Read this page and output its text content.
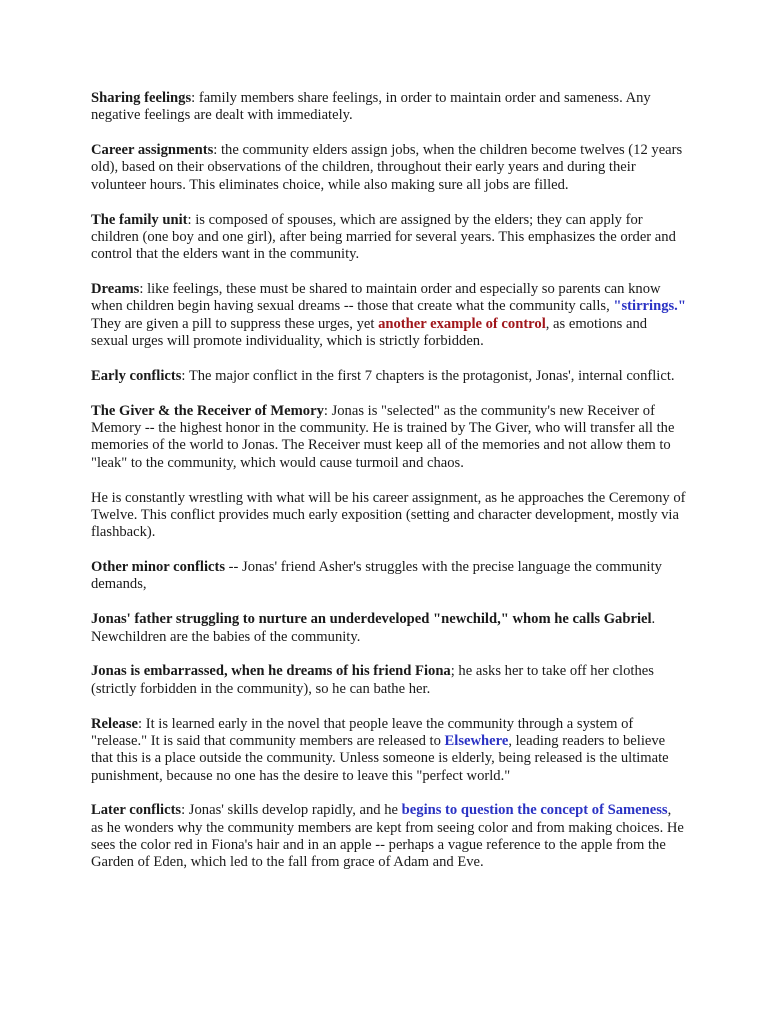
Sharing feelings: family members share feelings, in order to maintain order and sameness. Any negative feelings are dealt with immediately.

Career assignments: the community elders assign jobs, when the children become twelves (12 years old), based on their observations of the children, throughout their early years and during their volunteer hours. This eliminates choice, while also making sure all jobs are filled.

The family unit: is composed of spouses, which are assigned by the elders; they can apply for children (one boy and one girl), after being married for several years. This emphasizes the order and control that the elders want in the community.

Dreams: like feelings, these must be shared to maintain order and especially so parents can know when children begin having sexual dreams -- those that create what the community calls, "stirrings." They are given a pill to suppress these urges, yet another example of control, as emotions and sexual urges will promote individuality, which is strictly forbidden.

Early conflicts: The major conflict in the first 7 chapters is the protagonist, Jonas', internal conflict.

The Giver & the Receiver of Memory: Jonas is "selected" as the community's new Receiver of Memory -- the highest honor in the community. He is trained by The Giver, who will transfer all the memories of the world to Jonas. The Receiver must keep all of the memories and not allow them to "leak" to the community, which would cause turmoil and chaos.

He is constantly wrestling with what will be his career assignment, as he approaches the Ceremony of Twelve. This conflict provides much early exposition (setting and character development, mostly via flashback).

Other minor conflicts -- Jonas' friend Asher's struggles with the precise language the community demands,

Jonas' father struggling to nurture an underdeveloped "newchild," whom he calls Gabriel. Newchildren are the babies of the community.

Jonas is embarrassed, when he dreams of his friend Fiona; he asks her to take off her clothes (strictly forbidden in the community), so he can bathe her.

Release: It is learned early in the novel that people leave the community through a system of "release." It is said that community members are released to Elsewhere, leading readers to believe that this is a place outside the community. Unless someone is elderly, being released is the ultimate punishment, because no one has the desire to leave this "perfect world."

Later conflicts: Jonas' skills develop rapidly, and he begins to question the concept of Sameness, as he wonders why the community members are kept from seeing color and from making choices. He sees the color red in Fiona's hair and in an apple -- perhaps a vague reference to the apple from the Garden of Eden, which led to the fall from grace of Adam and Eve.
